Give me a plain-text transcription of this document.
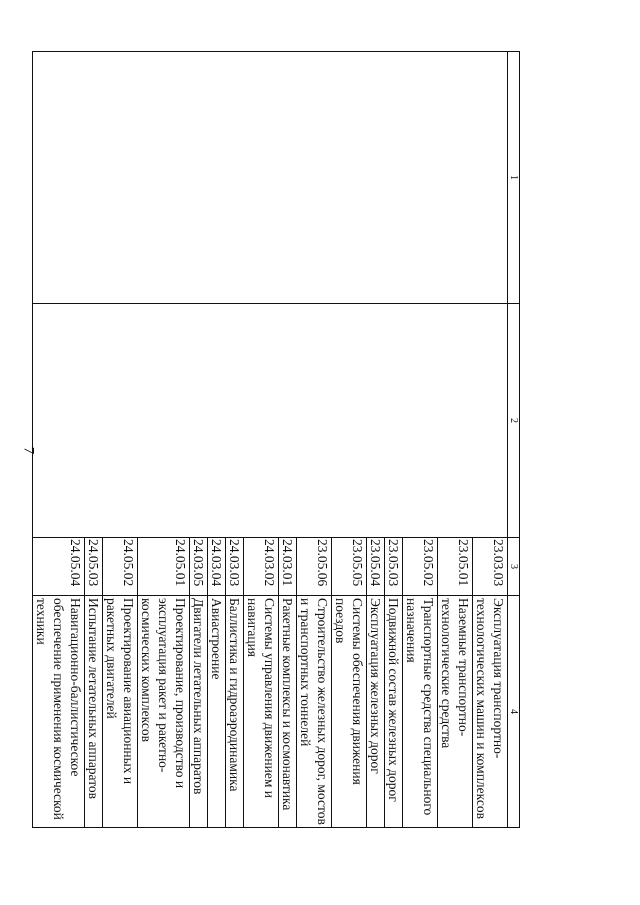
7
1	2	3	4
		23.03.03	Эксплуатация транспортно-технологических машин и комплексов
		23.05.01	Наземные транспортно-технологические средства
		23.05.02	Транспортные средства специального назначения
		23.05.03	Подвижной состав железных дорог
		23.05.04	Эксплуатация железных дорог
		23.05.05	Системы обеспечения движения поездов
		23.05.06	Строительство железных дорог, мостов и транспортных тоннелей
		24.03.01	Ракетные комплексы и космонавтика
		24.03.02	Системы управления движением и навигация
		24.03.03	Баллистика и гидроаэродинамика
		24.03.04	Авиастроение
		24.03.05	Двигатели летательных аппаратов
		24.05.01	Проектирование, производство и эксплуатация ракет и ракетно-космических комплексов
		24.05.02	Проектирование авиационных и ракетных двигателей
		24.05.03	Испытание летательных аппаратов
		24.05.04	Навигационно-баллистическое обеспечение применения космической техники
